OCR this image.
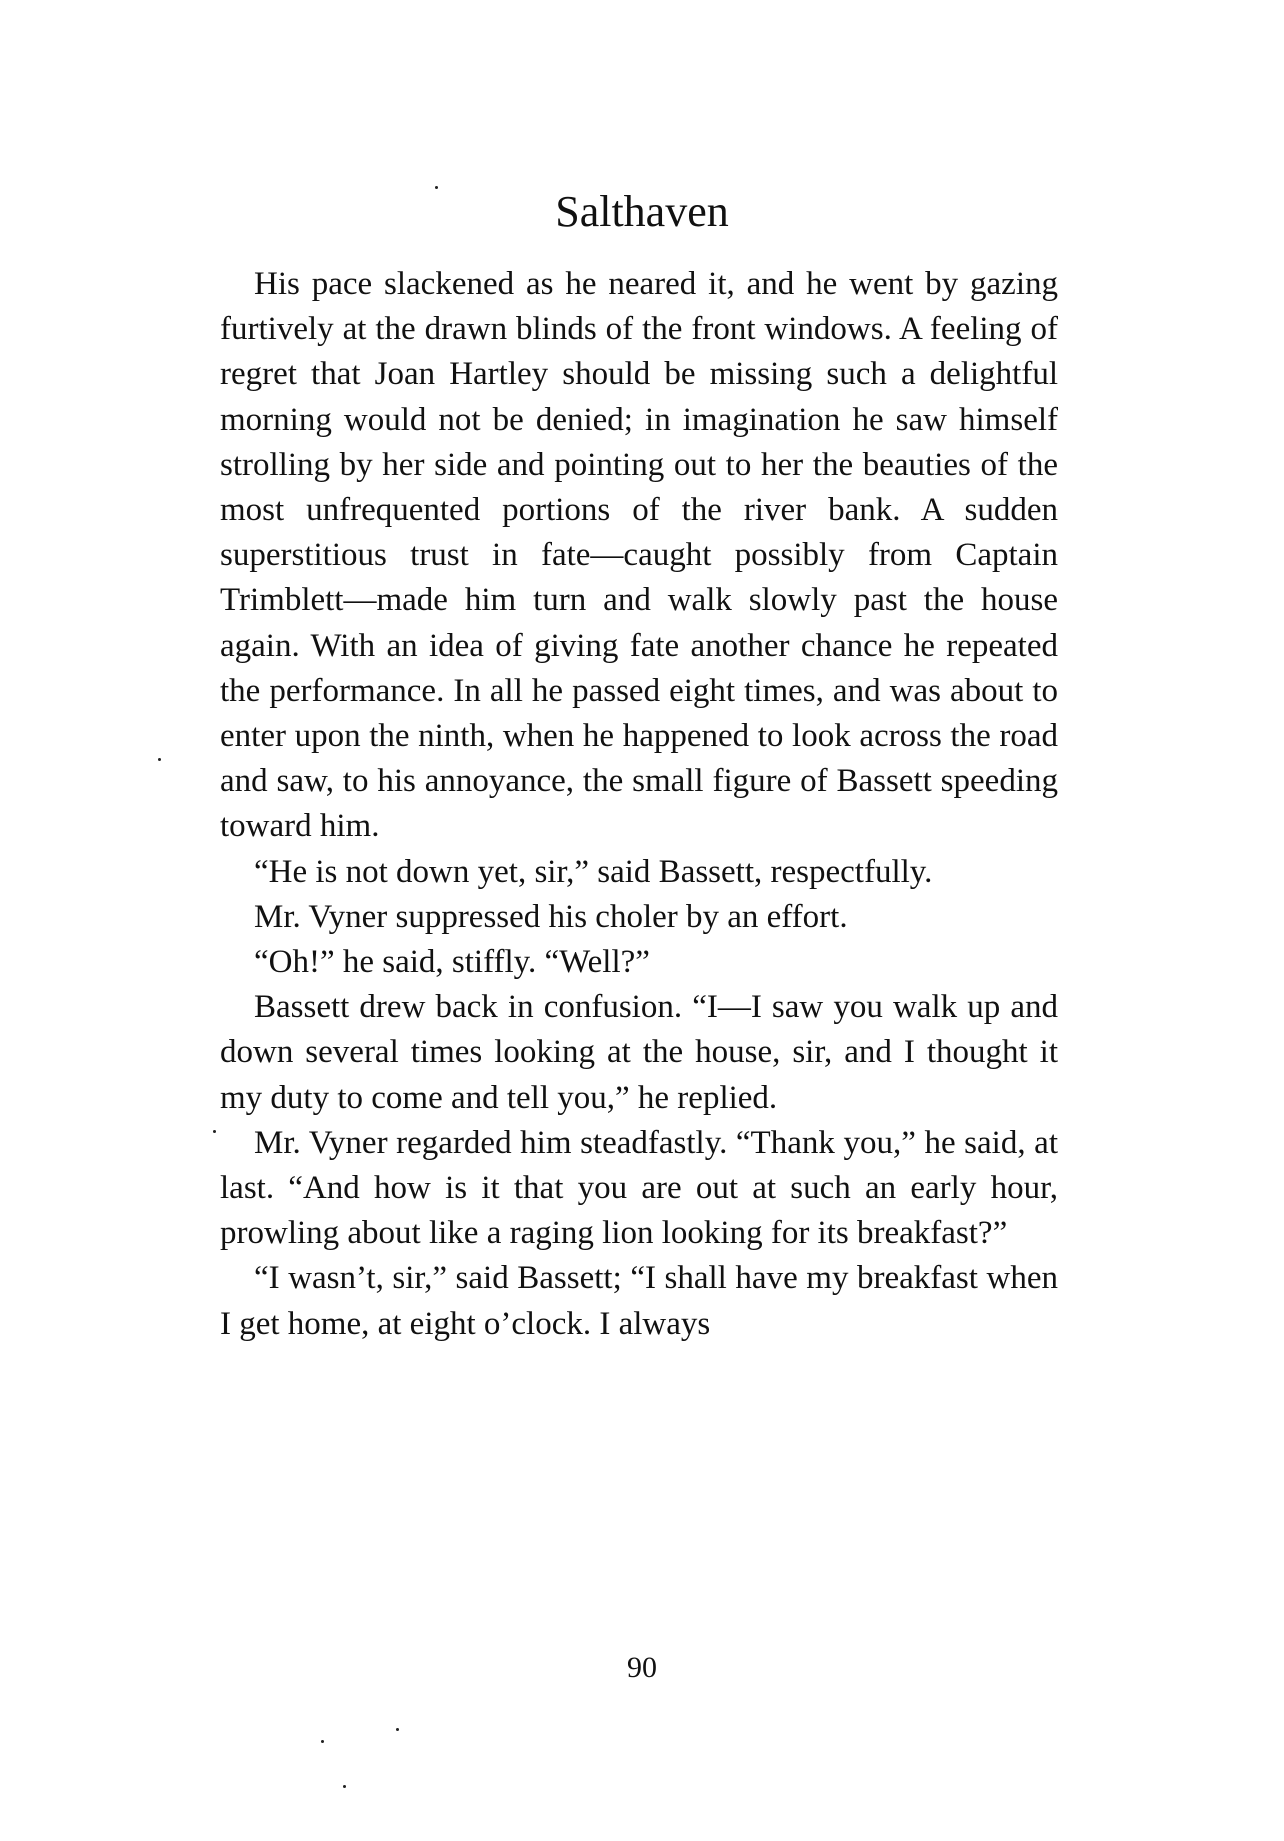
Salthaven

His pace slackened as he neared it, and he went by gazing furtively at the drawn blinds of the front windows. A feeling of regret that Joan Hartley should be missing such a delightful morning would not be denied; in imagination he saw himself strolling by her side and pointing out to her the beauties of the most unfrequented portions of the river bank. A sudden superstitious trust in fate—caught possibly from Captain Trimblett—made him turn and walk slowly past the house again. With an idea of giving fate another chance he repeated the performance. In all he passed eight times, and was about to enter upon the ninth, when he happened to look across the road and saw, to his annoyance, the small figure of Bassett speeding toward him.

“He is not down yet, sir,” said Bassett, respectfully.

Mr. Vyner suppressed his choler by an effort.

“Oh!” he said, stiffly. “Well?”

Bassett drew back in confusion. “I—I saw you walk up and down several times looking at the house, sir, and I thought it my duty to come and tell you,” he replied.

Mr. Vyner regarded him steadfastly. “Thank you,” he said, at last. “And how is it that you are out at such an early hour, prowling about like a raging lion looking for its breakfast?”

“I wasn’t, sir,” said Bassett; “I shall have my breakfast when I get home, at eight o’clock. I always

90
